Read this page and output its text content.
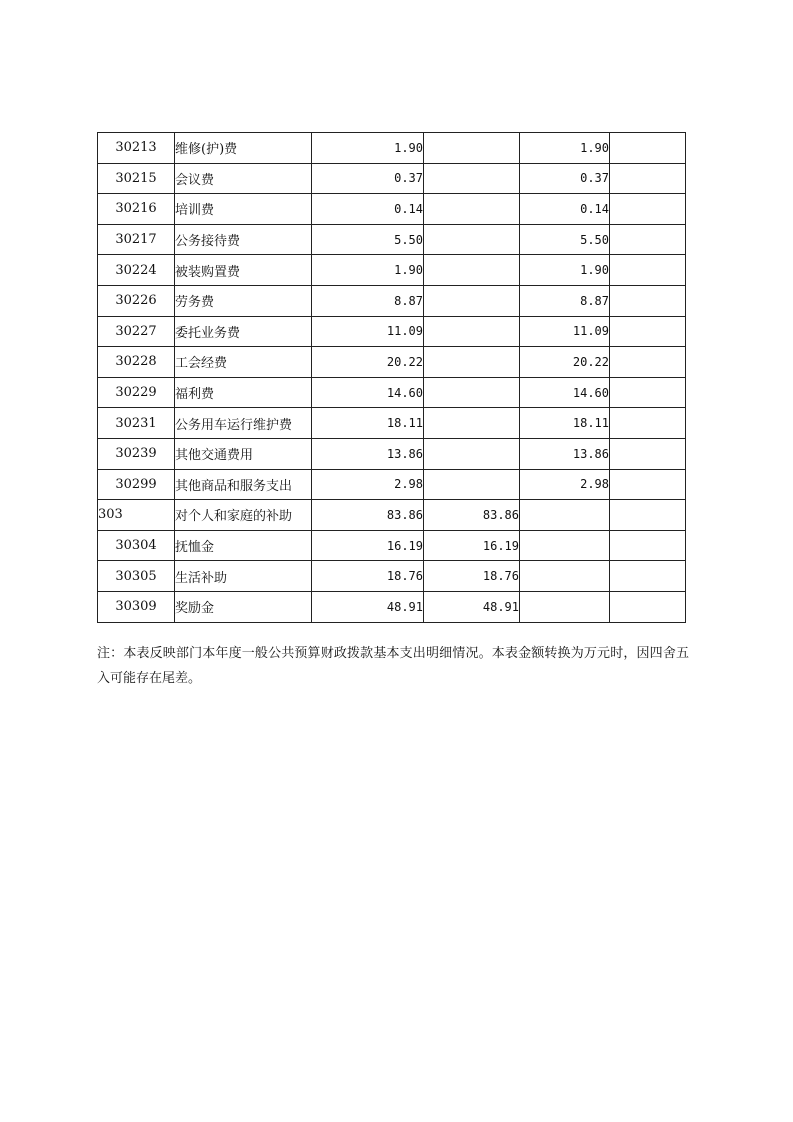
30213	维修(护)费	1.90		1.90	
30215	会议费	0.37		0.37	
30216	培训费	0.14		0.14	
30217	公务接待费	5.50		5.50	
30224	被装购置费	1.90		1.90	
30226	劳务费	8.87		8.87	
30227	委托业务费	11.09		11.09	
30228	工会经费	20.22		20.22	
30229	福利费	14.60		14.60	
30231	公务用车运行维护费	18.11		18.11	
30239	其他交通费用	13.86		13.86	
30299	其他商品和服务支出	2.98		2.98	
303	对个人和家庭的补助	83.86	83.86		
30304	抚恤金	16.19	16.19		
30305	生活补助	18.76	18.76		
30309	奖励金	48.91	48.91		

注：本表反映部门本年度一般公共预算财政拨款基本支出明细情况。本表金额转换为万元时，因四舍五入可能存在尾差。
